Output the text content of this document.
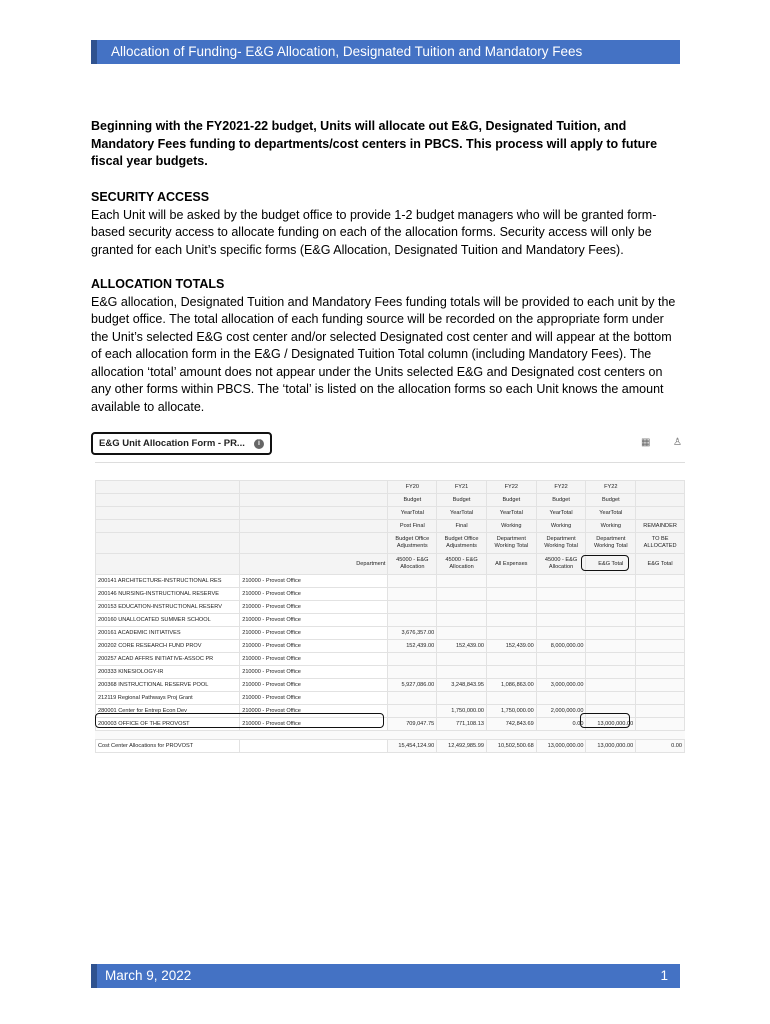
Allocation of Funding- E&G Allocation, Designated Tuition and Mandatory Fees
Beginning with the FY2021-22 budget, Units will allocate out E&G, Designated Tuition, and Mandatory Fees funding to departments/cost centers in PBCS. This process will apply to future fiscal year budgets.

SECURITY ACCESS

Each Unit will be asked by the budget office to provide 1-2 budget managers who will be granted form-based security access to allocate funding on each of the allocation forms. Security access will only be granted for each Unit’s specific forms (E&G Allocation, Designated Tuition and Mandatory Fees).

ALLOCATION TOTALS

E&G allocation, Designated Tuition and Mandatory Fees funding totals will be provided to each unit by the budget office. The total allocation of each funding source will be recorded on the appropriate form under the Unit’s selected E&G cost center and/or selected Designated cost center and will appear at the bottom of each allocation form in the E&G / Designated Tuition Total column (including Mandatory Fees). The allocation ‘total’ amount does not appear under the Units selected E&G and Designated cost centers on any other forms within PBCS. The ‘total’ is listed on the allocation forms so each Unit knows the amount available to allocate.

E&G Unit Allocation Form - PR...	i	▦ ♙
		FY20	FY21	FY22	FY22	FY22	
		Budget	Budget	Budget	Budget	Budget	
		YearTotal	YearTotal	YearTotal	YearTotal	YearTotal	
		Post Final	Final	Working	Working	Working	REMAINDER
		Budget Office Adjustments	Budget Office Adjustments	Department Working Total	Department Working Total	Department Working Total	TO BE ALLOCATED
	Department	45000 - E&G Allocation	45000 - E&G Allocation	All Expenses	45000 - E&G Allocation	E&G Total	E&G Total
200141 ARCHITECTURE-INSTRUCTIONAL RES	210000 - Provost Office						
200146 NURSING-INSTRUCTIONAL RESERVE	210000 - Provost Office						
200153 EDUCATION-INSTRUCTIONAL RESERV	210000 - Provost Office						
200160 UNALLOCATED SUMMER SCHOOL	210000 - Provost Office						
200161 ACADEMIC INITIATIVES	210000 - Provost Office	3,676,357.00					
200202 CORE RESEARCH FUND PROV	210000 - Provost Office	152,439.00	152,439.00	152,439.00	8,000,000.00		
200257 ACAD AFFRS INITIATIVE-ASSOC PR	210000 - Provost Office						
200333 KINESIOLOGY-IR	210000 - Provost Office						
200368 INSTRUCTIONAL RESERVE POOL	210000 - Provost Office	5,927,086.00	3,248,843.95	1,086,863.00	3,000,000.00		
212119 Regional Pathways Proj Grant	210000 - Provost Office						
280001 Center for Entrep Econ Dev	210000 - Provost Office		1,750,000.00	1,750,000.00	2,000,000.00		
200003 OFFICE OF THE PROVOST	210000 - Provost Office	709,047.75	771,108.13	742,843.69	0.00	13,000,000.00	

Cost Center Allocations for PROVOST		15,454,124.90	12,492,985.99	10,502,500.68	13,000,000.00	13,000,000.00	0.00
March 9, 2022	1
